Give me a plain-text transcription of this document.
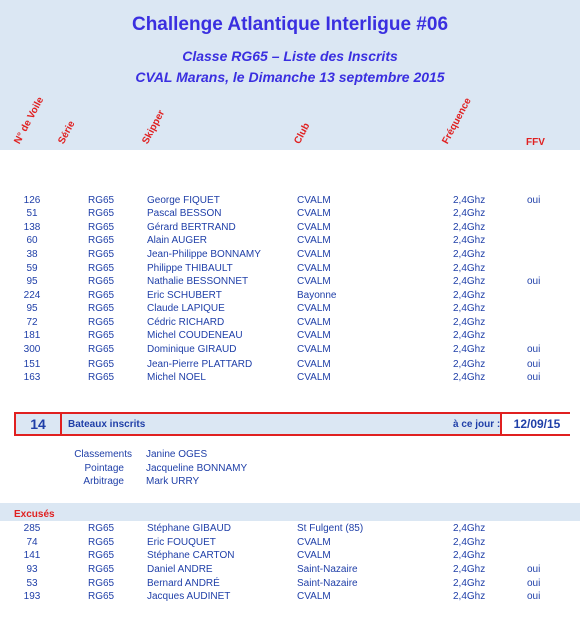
Challenge Atlantique Interligue #06
Classe RG65 – Liste des Inscrits
CVAL Marans, le Dimanche 13 septembre 2015
N° de Voile Série	Skipper	Club	Fréquence	FFV
126	RG65	George FIQUET	CVALM	2,4Ghz	oui
51	RG65	Pascal BESSON	CVALM	2,4Ghz
138	RG65	Gérard BERTRAND	CVALM	2,4Ghz
60	RG65	Alain AUGER	CVALM	2,4Ghz
38	RG65	Jean-Philippe BONNAMY	CVALM	2,4Ghz
59	RG65	Philippe THIBAULT	CVALM	2,4Ghz
95	RG65	Nathalie BESSONNET	CVALM	2,4Ghz	oui
224	RG65	Eric SCHUBERT	Bayonne	2,4Ghz
95	RG65	Claude LAPIQUE	CVALM	2,4Ghz
72	RG65	Cédric RICHARD	CVALM	2,4Ghz
181	RG65	Michel COUDENEAU	CVALM	2,4Ghz
300	RG65	Dominique GIRAUD	CVALM	2,4Ghz	oui
151	RG65	Jean-Pierre PLATTARD	CVALM	2,4Ghz	oui
163	RG65	Michel NOEL	CVALM	2,4Ghz	oui
14	Bateaux inscrits	à ce jour :	12/09/15
Classements Janine OGES
Pointage Jacqueline BONNAMY
Arbitrage Mark URRY
Excusés
285	RG65	Stéphane GIBAUD	St Fulgent (85)	2,4Ghz
74	RG65	Eric FOUQUET	CVALM	2,4Ghz
141	RG65	Stéphane CARTON	CVALM	2,4Ghz
93	RG65	Daniel ANDRE	Saint-Nazaire	2,4Ghz	oui
53	RG65	Bernard ANDRÉ	Saint-Nazaire	2,4Ghz	oui
193	RG65	Jacques AUDINET	CVALM	2,4Ghz	oui
